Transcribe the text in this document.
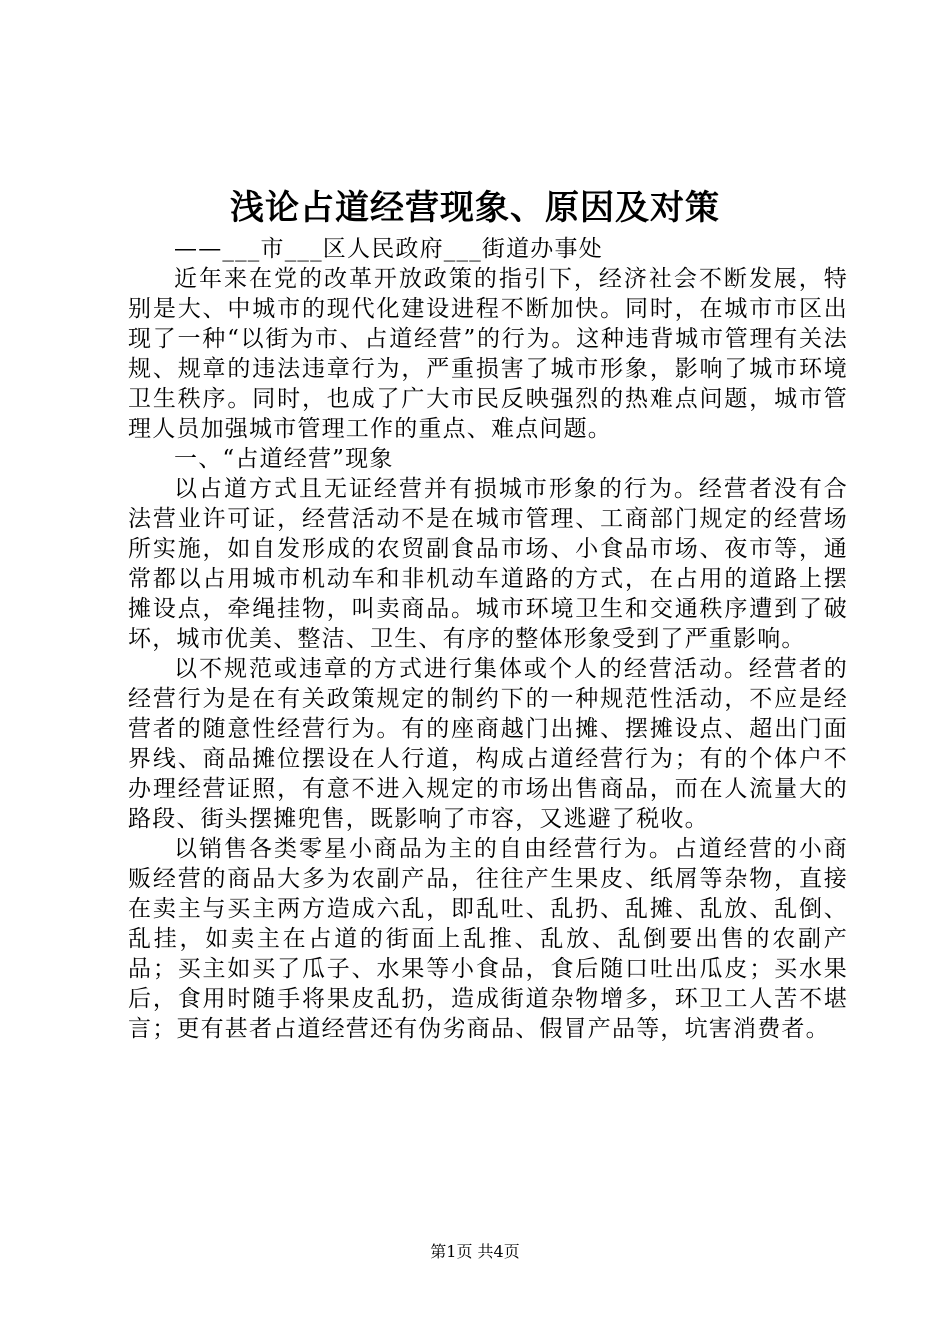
浅论占道经营现象、原因及对策

——___市___区人民政府___街道办事处

近年来在党的改革开放政策的指引下，经济社会不断发展，特别是大、中城市的现代化建设进程不断加快。同时，在城市市区出现了一种“以街为市、占道经营”的行为。这种违背城市管理有关法规、规章的违法违章行为，严重损害了城市形象，影响了城市环境卫生秩序。同时，也成了广大市民反映强烈的热难点问题，城市管理人员加强城市管理工作的重点、难点问题。

一、“占道经营”现象

以占道方式且无证经营并有损城市形象的行为。经营者没有合法营业许可证，经营活动不是在城市管理、工商部门规定的经营场所实施，如自发形成的农贸副食品市场、小食品市场、夜市等，通常都以占用城市机动车和非机动车道路的方式，在占用的道路上摆摊设点，牵绳挂物，叫卖商品。城市环境卫生和交通秩序遭到了破坏，城市优美、整洁、卫生、有序的整体形象受到了严重影响。

以不规范或违章的方式进行集体或个人的经营活动。经营者的经营行为是在有关政策规定的制约下的一种规范性活动，不应是经营者的随意性经营行为。有的座商越门出摊、摆摊设点、超出门面界线、商品摊位摆设在人行道，构成占道经营行为；有的个体户不办理经营证照，有意不进入规定的市场出售商品，而在人流量大的路段、街头摆摊兜售，既影响了市容，又逃避了税收。

以销售各类零星小商品为主的自由经营行为。占道经营的小商贩经营的商品大多为农副产品，往往产生果皮、纸屑等杂物，直接在卖主与买主两方造成六乱，即乱吐、乱扔、乱摊、乱放、乱倒、乱挂，如卖主在占道的街面上乱推、乱放、乱倒要出售的农副产品；买主如买了瓜子、水果等小食品，食后随口吐出瓜皮；买水果后，食用时随手将果皮乱扔，造成街道杂物增多，环卫工人苦不堪言；更有甚者占道经营还有伪劣商品、假冒产品等，坑害消费者。

第1页 共4页
